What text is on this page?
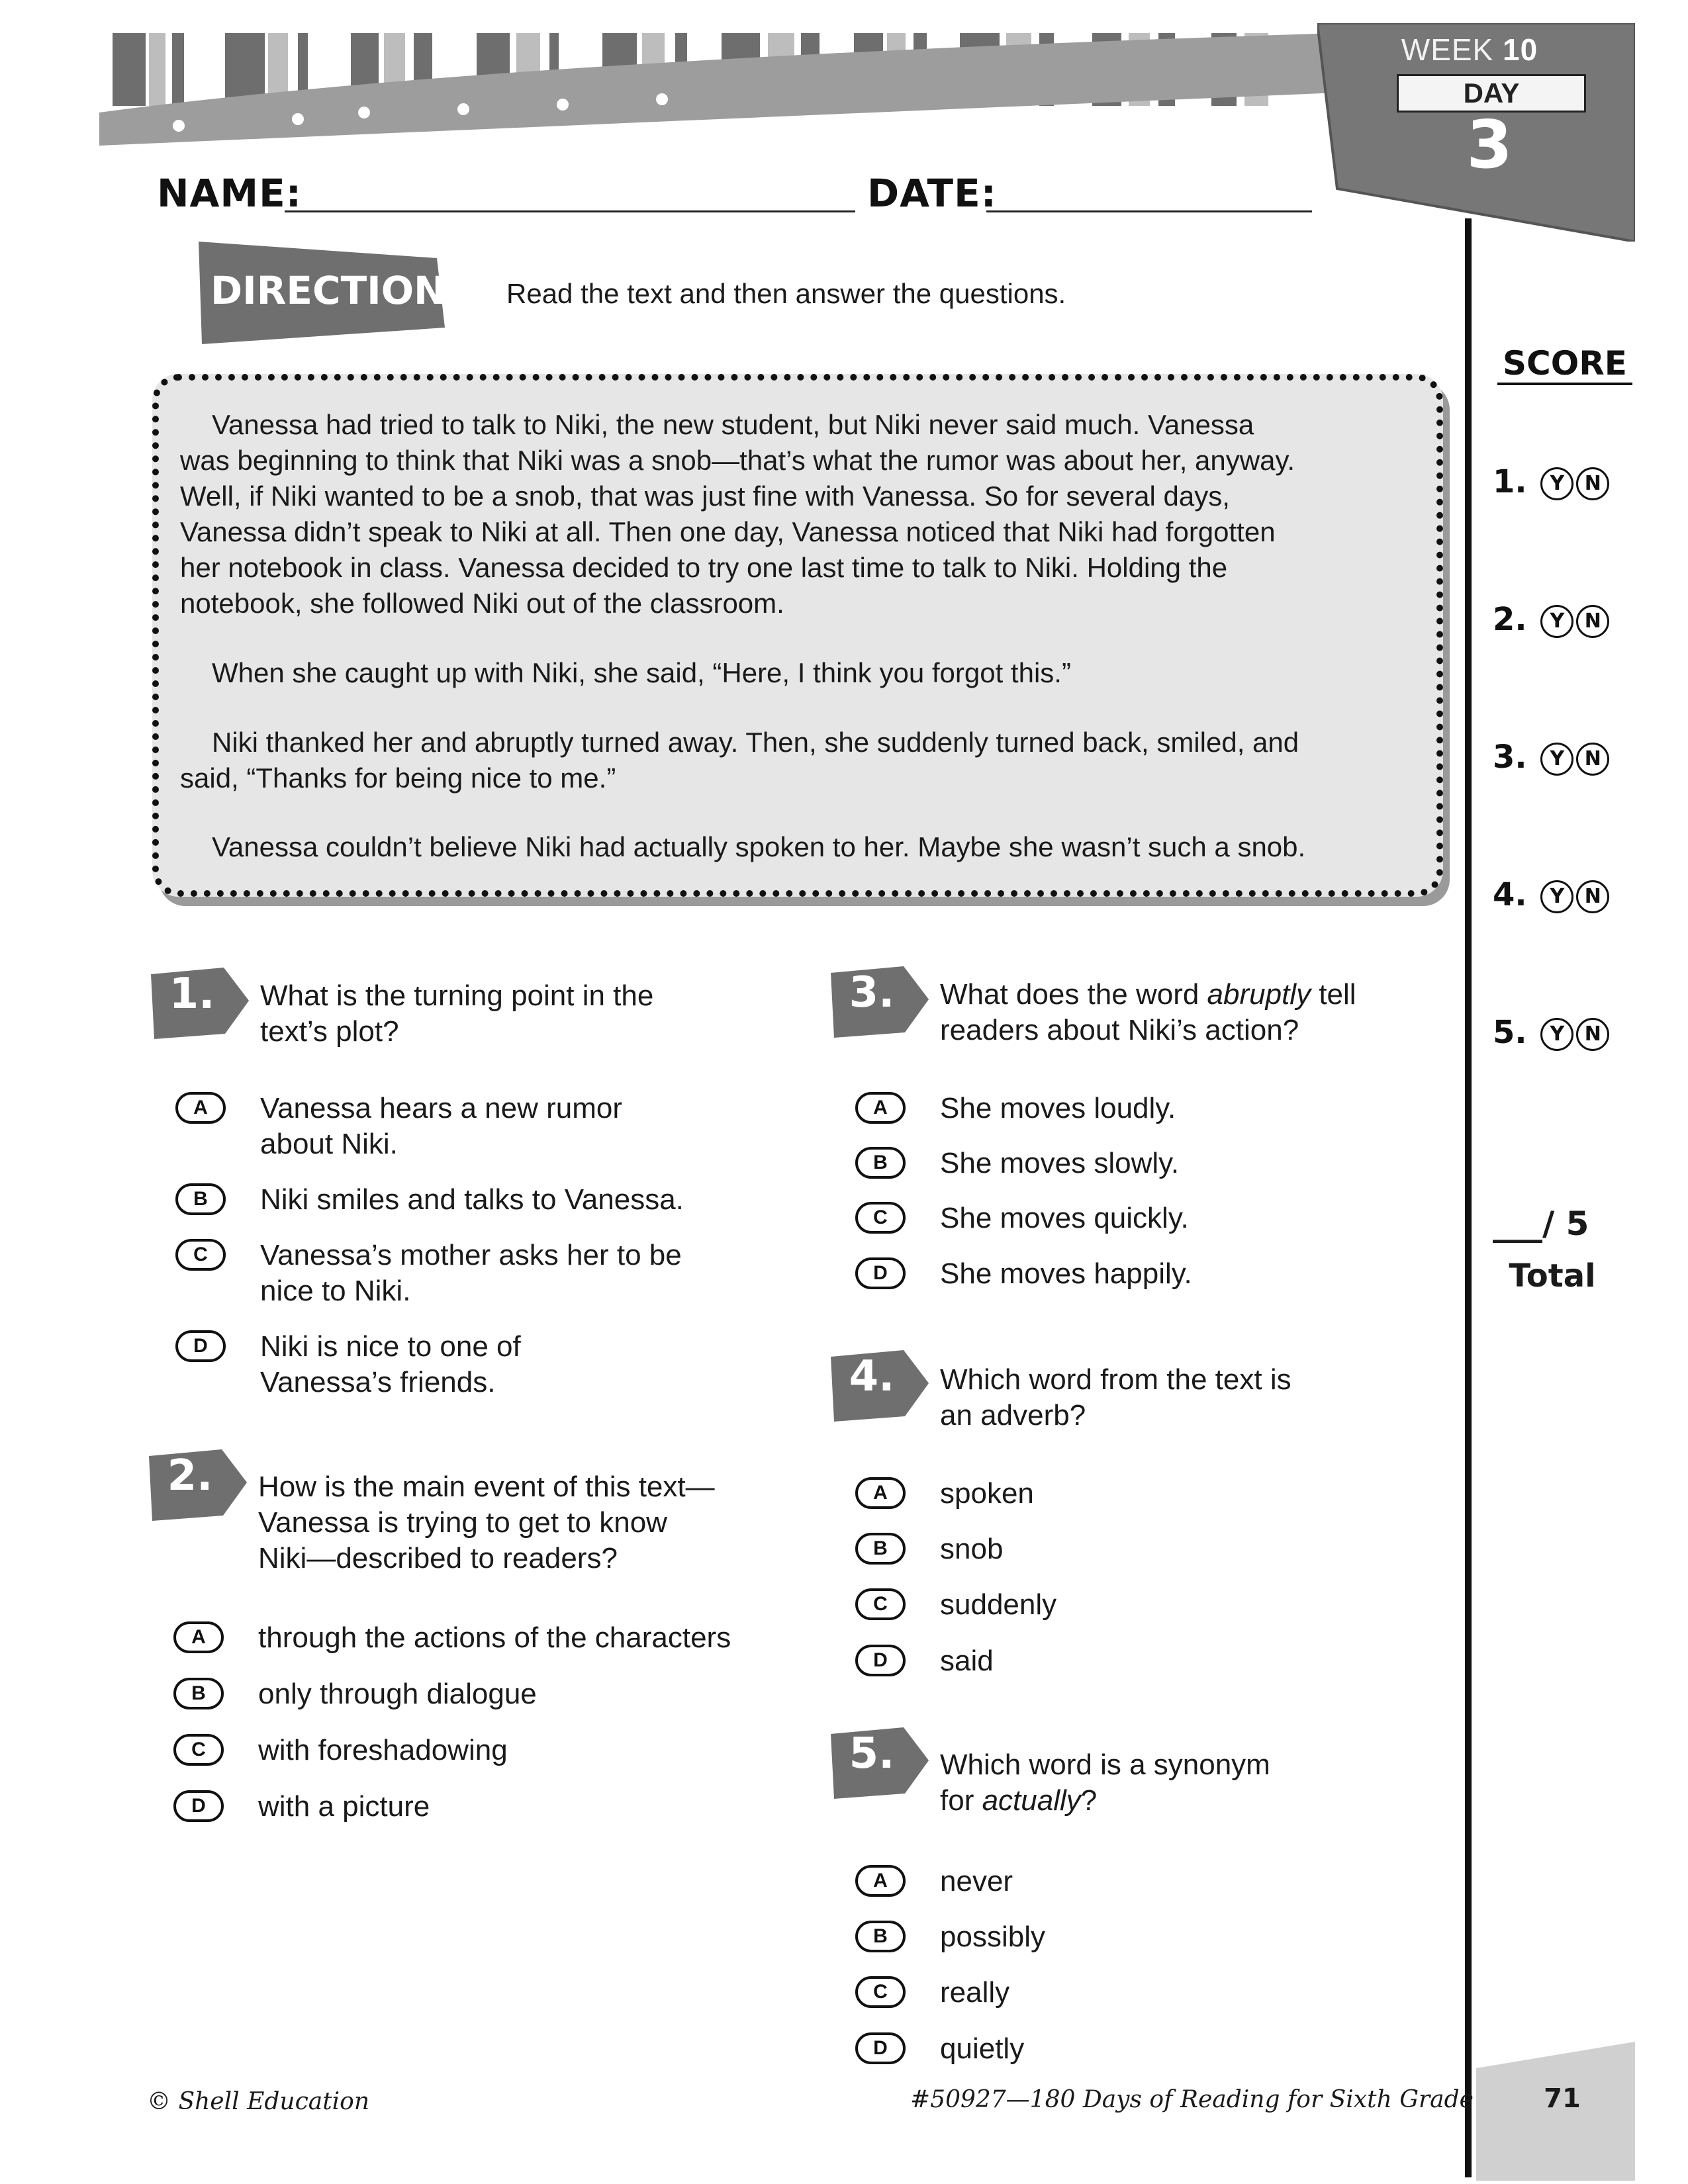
WEEK 10
DAY
3
NAME:	DATE:
DIRECTIONS Read the text and then answer the questions.
Vanessa had tried to talk to Niki, the new student, but Niki never said much. Vanessa
was beginning to think that Niki was a snob—that’s what the rumor was about her, anyway.
Well, if Niki wanted to be a snob, that was just fine with Vanessa. So for several days,
Vanessa didn’t speak to Niki at all. Then one day, Vanessa noticed that Niki had forgotten
her notebook in class. Vanessa decided to try one last time to talk to Niki. Holding the
notebook, she followed Niki out of the classroom.
When she caught up with Niki, she said, “Here, I think you forgot this.”
Niki thanked her and abruptly turned away. Then, she suddenly turned back, smiled, and
said, “Thanks for being nice to me.”
Vanessa couldn’t believe Niki had actually spoken to her. Maybe she wasn’t such a snob.
SCORE
1. Y N
2. Y N
3. Y N
4. Y N
5. Y N
___/ 5
Total
1. What is the turning point in the
text’s plot?
A	Vanessa hears a new rumor
about Niki.
B	Niki smiles and talks to Vanessa.
C	Vanessa’s mother asks her to be
nice to Niki.
D	Niki is nice to one of
Vanessa’s friends.
2. How is the main event of this text—
Vanessa is trying to get to know
Niki—described to readers?
A	through the actions of the characters
B	only through dialogue
C	with foreshadowing
D	with a picture
3. What does the word abruptly tell
readers about Niki’s action?
A	She moves loudly.
B	She moves slowly.
C	She moves quickly.
D	She moves happily.
4. Which word from the text is
an adverb?
A	spoken
B	snob
C	suddenly
D	said
5. Which word is a synonym
for actually?
A	never
B	possibly
C	really
D	quietly
© Shell Education	#50927—180 Days of Reading for Sixth Grade	71
